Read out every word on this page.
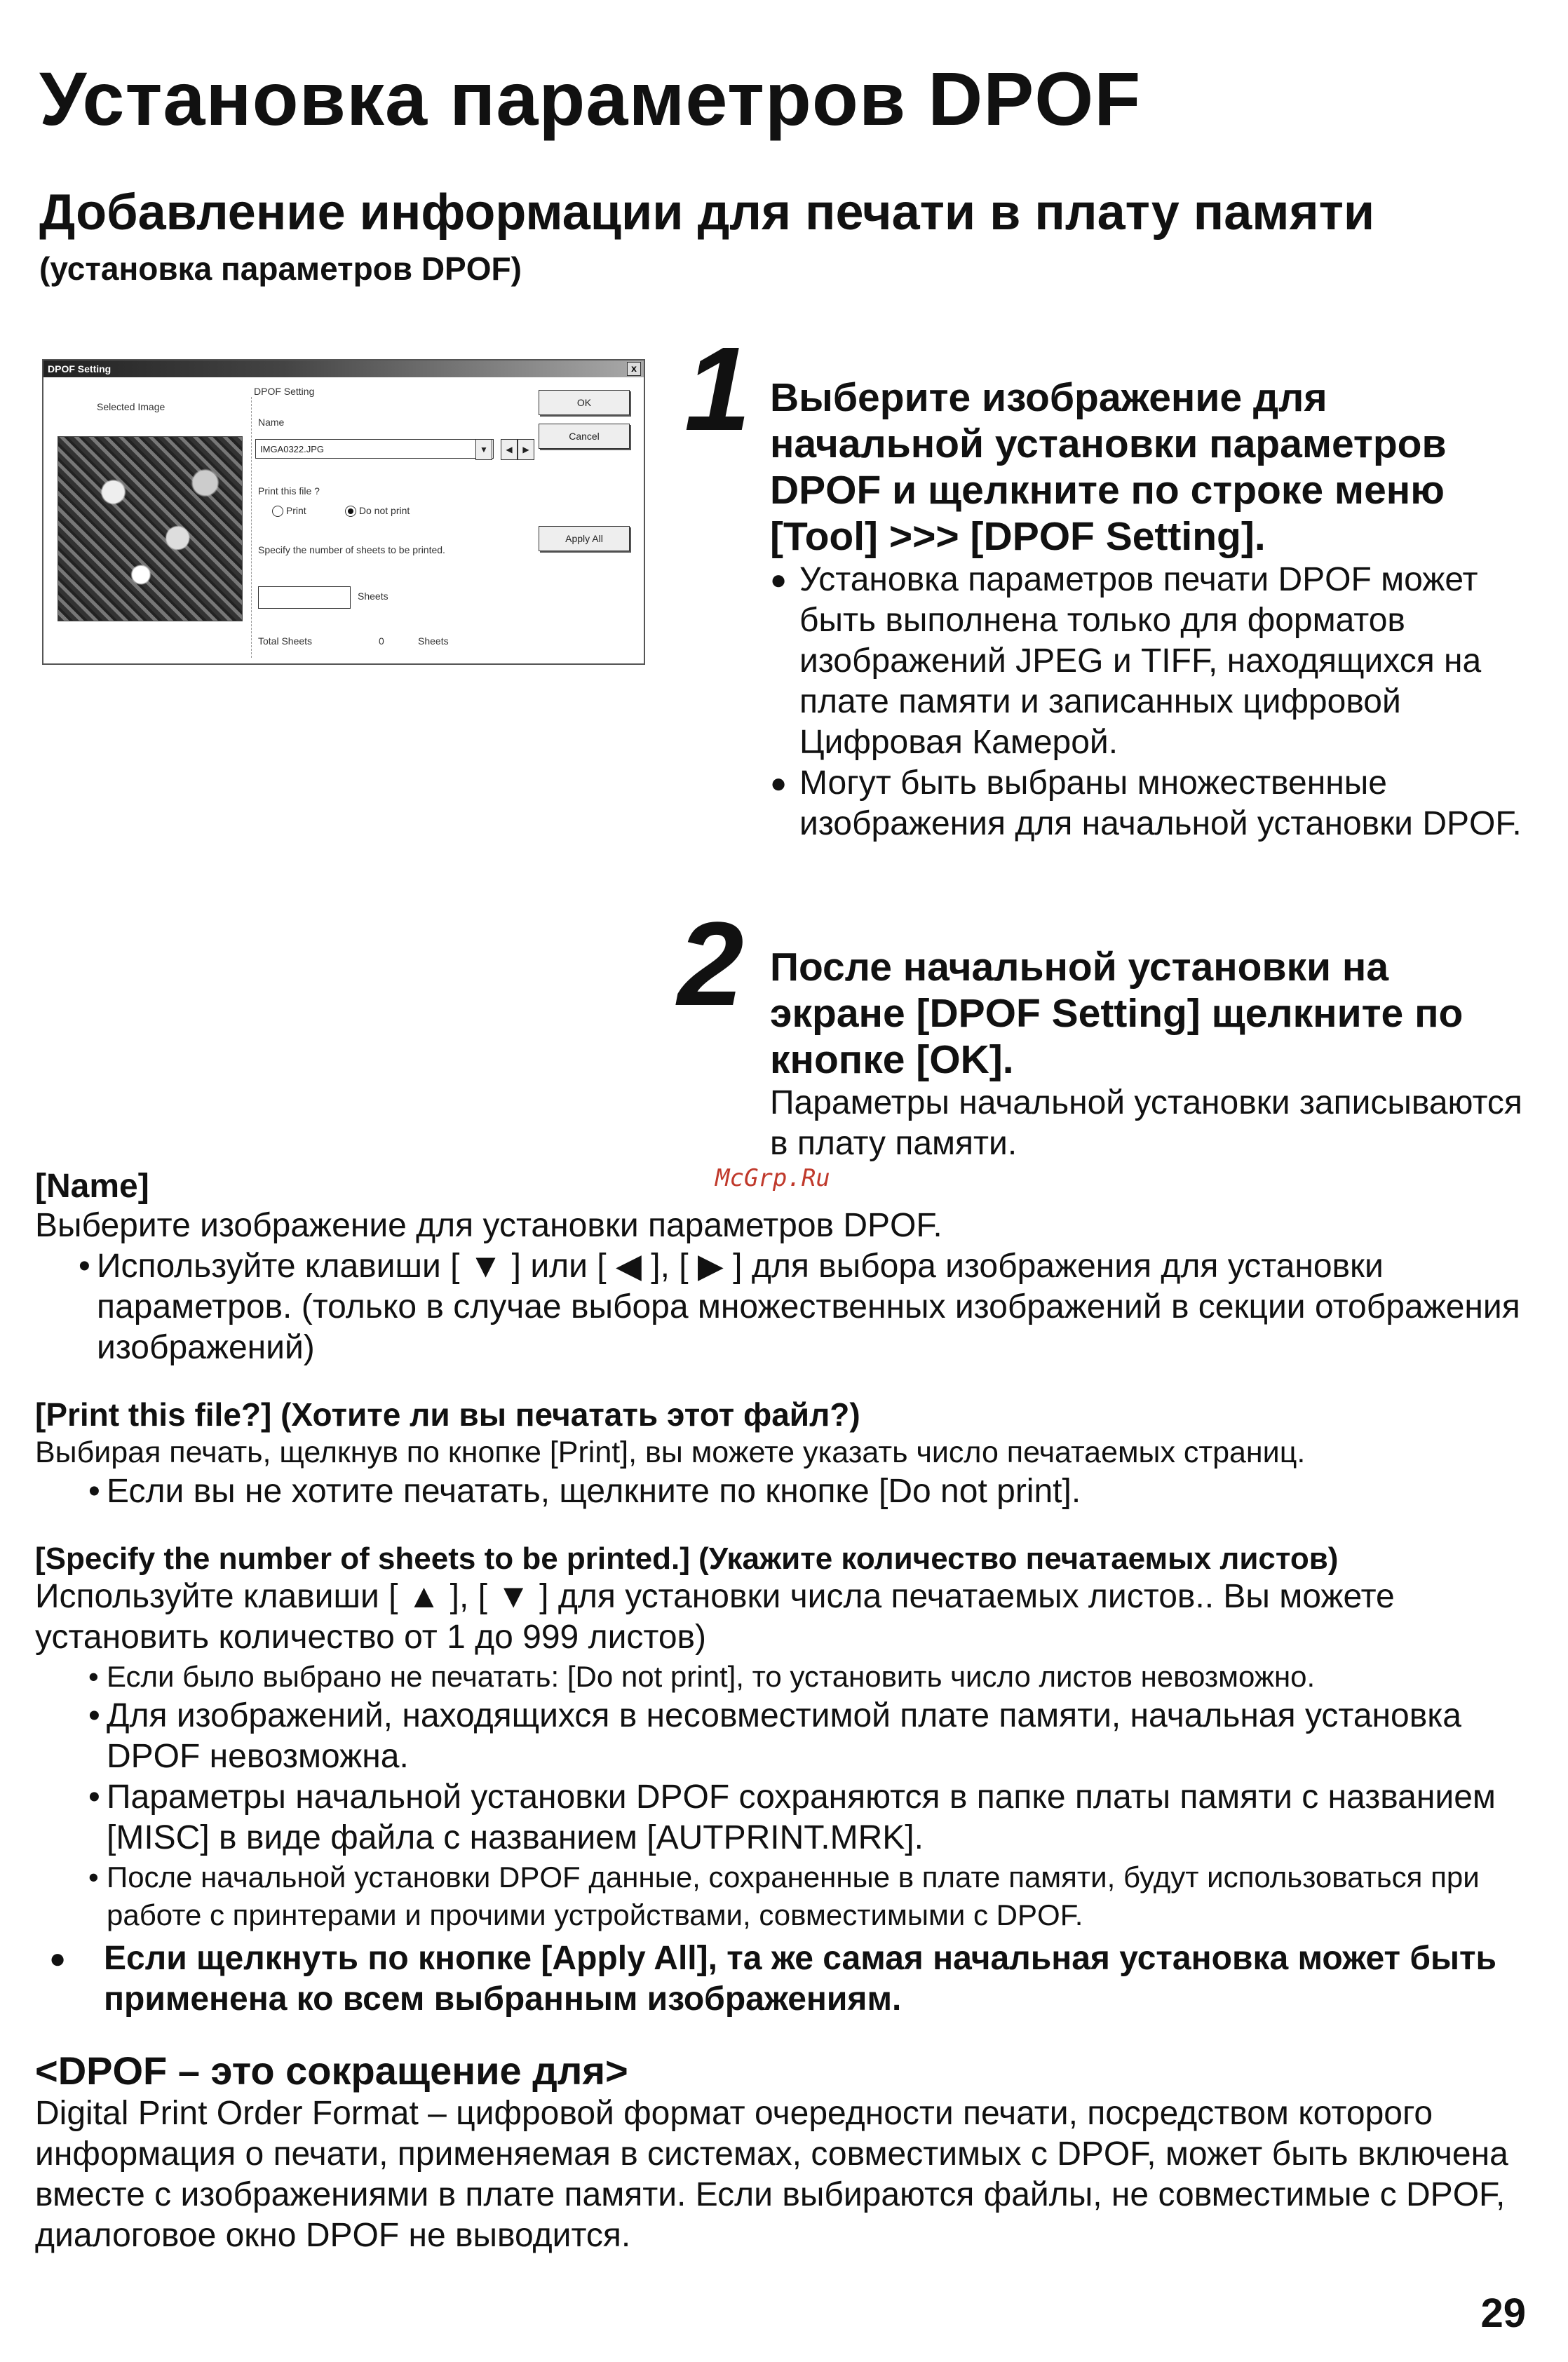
Установка параметров DPOF
Добавление информации для печати в плату памяти
(установка параметров DPOF)
DPOF Setting	x
Selected Image
DPOF Setting
Name
IMGA0322.JPG	▼	◀	▶
Print this file ?
Print	Do not print
Specify the number of sheets to be printed.
Sheets
Total Sheets	0	Sheets
OK
Cancel
Apply All
1 Выберите изображение для начальной установки параметров DPOF и щелкните по строке меню [Tool] >>> [DPOF Setting].
● Установка параметров печати DPOF может быть выполнена только для форматов изображений JPEG и TIFF, находящихся на плате памяти и записанных цифровой Цифровая Камерой.
● Могут быть выбраны множественные изображения для начальной установки DPOF.
2 После начальной установки на экране [DPOF Setting] щелкните по кнопке [OK].
Параметры начальной установки записываются в плату памяти.
McGrp.Ru
[Name]
Выберите изображение для установки параметров DPOF.
• Используйте клавиши [ ▼ ] или [ ◀ ], [ ▶ ] для выбора изображения для установки параметров. (только в случае выбора множественных изображений в секции отображения изображений)
[Print this file?] (Хотите ли вы печатать этот файл?)
Выбирая печать, щелкнув по кнопке [Print], вы можете указать число печатаемых страниц.
• Если вы не хотите печатать, щелкните по кнопке [Do not print].
[Specify the number of sheets to be printed.] (Укажите количество печатаемых листов)
Используйте клавиши [ ▲ ], [ ▼ ] для установки числа печатаемых листов.. Вы можете установить количество от 1 до 999 листов)
• Если было выбрано не печатать: [Do not print], то установить число листов невозможно.
• Для изображений, находящихся в несовместимой плате памяти, начальная установка DPOF невозможна.
• Параметры начальной установки DPOF сохраняются в папке платы памяти с названием [MISC] в виде файла с названием [AUTPRINT.MRK].
• После начальной установки DPOF данные, сохраненные в плате памяти, будут использоваться при работе с принтерами и прочими устройствами, совместимыми с DPOF.
● Если щелкнуть по кнопке [Apply All], та же самая начальная установка может быть применена ко всем выбранным изображениям.
<DPOF – это сокращение для>
Digital Print Order Format – цифровой формат очередности печати, посредством которого информация о печати, применяемая в системах, совместимых с DPOF, может быть включена вместе с изображениями в плате памяти. Если выбираются файлы, не совместимые с DPOF, диалоговое окно DPOF не выводится.
29
